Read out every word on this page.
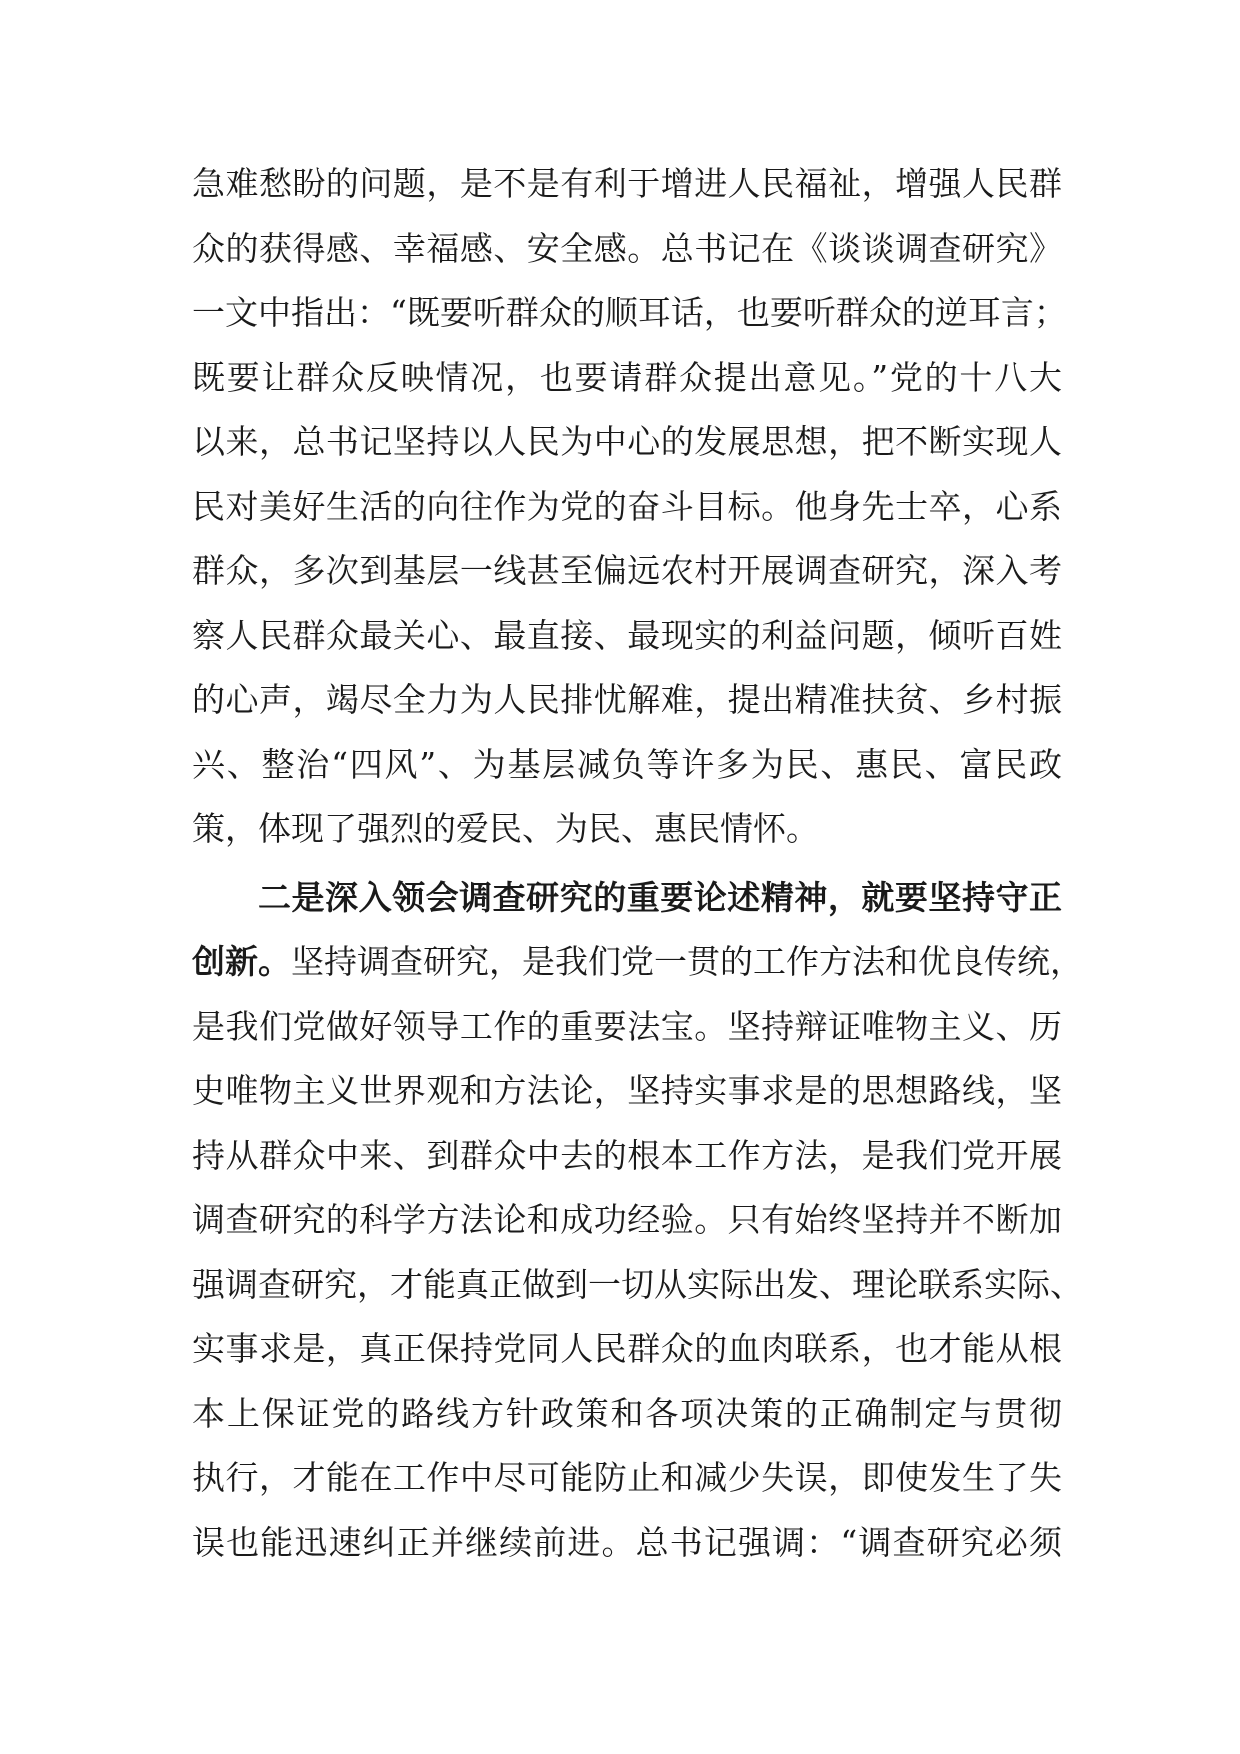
急难愁盼的问题，是不是有利于增进人民福祉，增强人民群
众的获得感、幸福感、安全感。总书记在《谈谈调查研究》
一文中指出：“既要听群众的顺耳话，也要听群众的逆耳言；
既要让群众反映情况，也要请群众提出意见。”党的十八大
以来，总书记坚持以人民为中心的发展思想，把不断实现人
民对美好生活的向往作为党的奋斗目标。他身先士卒，心系
群众，多次到基层一线甚至偏远农村开展调查研究，深入考
察人民群众最关心、最直接、最现实的利益问题，倾听百姓
的心声，竭尽全力为人民排忧解难，提出精准扶贫、乡村振
兴、整治“四风”、为基层减负等许多为民、惠民、富民政
策，体现了强烈的爱民、为民、惠民情怀。
二是深入领会调查研究的重要论述精神，就要坚持守正
创新。坚持调查研究，是我们党一贯的工作方法和优良传统，
是我们党做好领导工作的重要法宝。坚持辩证唯物主义、历
史唯物主义世界观和方法论，坚持实事求是的思想路线，坚
持从群众中来、到群众中去的根本工作方法，是我们党开展
调查研究的科学方法论和成功经验。只有始终坚持并不断加
强调查研究，才能真正做到一切从实际出发、理论联系实际、
实事求是，真正保持党同人民群众的血肉联系，也才能从根
本上保证党的路线方针政策和各项决策的正确制定与贯彻
执行，才能在工作中尽可能防止和减少失误，即使发生了失
误也能迅速纠正并继续前进。总书记强调：“调查研究必须
